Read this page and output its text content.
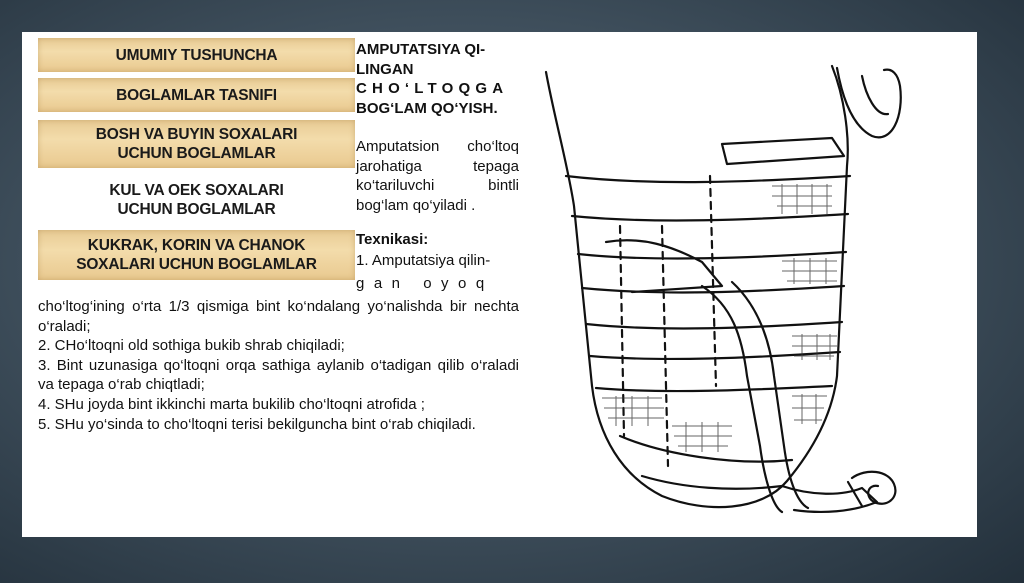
UMUMIY TUSHUNCHA
BOGLAMLAR TASNIFI
BOSH VA BUYIN SOXALARI UCHUN BOGLAMLAR
KUL VA OEK SOXALARI UCHUN BOGLAMLAR
KUKRAK, KORIN VA CHANOK SOXALARI UCHUN BOGLAMLAR
AMPUTATSIYA QI-
LINGAN
CHO‘LTOQGA
BOG‘LAM QO‘YISH.
Amputatsion cho‘ltoq jarohatiga tepaga ko‘tariluvchi bintli bog‘lam qo‘yiladi .
Texnikasi:
1. Amputatsiya qilin-
gan oyoq

cho‘ltog‘ining o‘rta 1/3 qismiga bint ko‘ndalang yo‘nalishda bir nechta o‘raladi;

2. CHo‘ltoqni old sothiga bukib shrab chiqiladi;

3. Bint uzunasiga qo‘ltoqni orqa sathiga aylanib o‘tadigan qilib o‘raladi va tepaga o‘rab chiqtladi;

4. SHu joyda bint ikkinchi marta bukilib cho‘ltoqni atrofida ;

5. SHu yo‘sinda to cho‘ltoqni terisi bekilguncha bint o‘rab chiqiladi.
